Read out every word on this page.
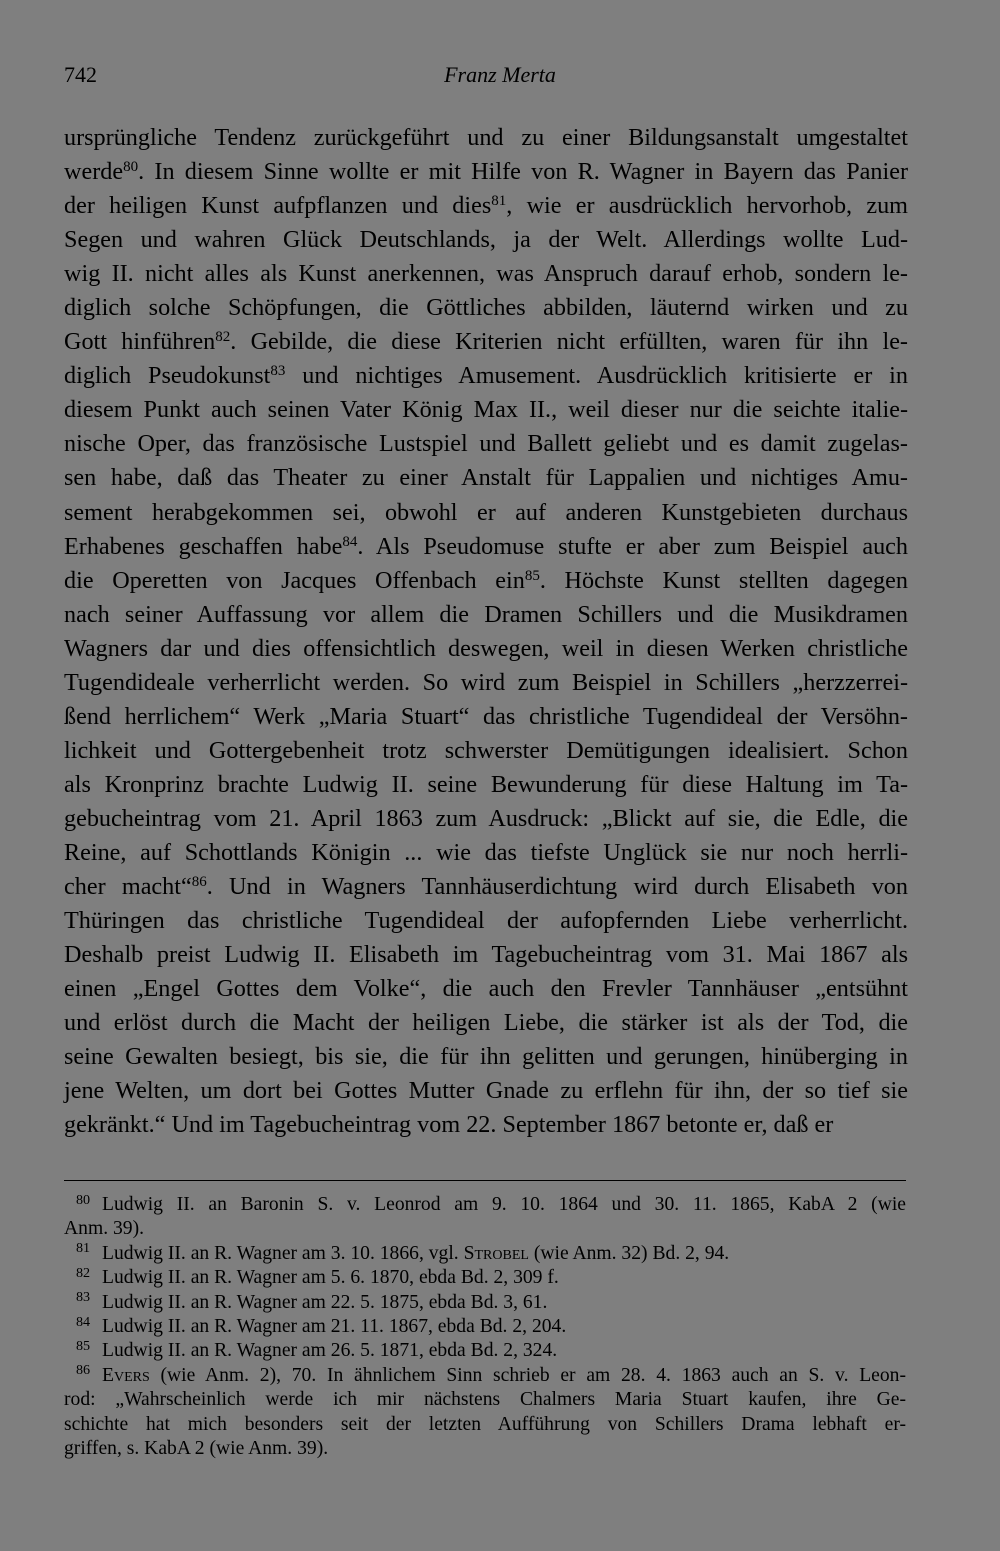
742	Franz Merta
ursprüngliche Tendenz zurückgeführt und zu einer Bildungsanstalt umgestaltet
werde$^{80}$. In diesem Sinne wollte er mit Hilfe von R. Wagner in Bayern das Panier
der heiligen Kunst aufpflanzen und dies$^{81}$, wie er ausdrücklich hervorhob, zum
Segen und wahren Glück Deutschlands, ja der Welt. Allerdings wollte Lud-
wig II. nicht alles als Kunst anerkennen, was Anspruch darauf erhob, sondern le-
diglich solche Schöpfungen, die Göttliches abbilden, läuternd wirken und zu
Gott hinführen$^{82}$. Gebilde, die diese Kriterien nicht erfüllten, waren für ihn le-
diglich Pseudokunst$^{83}$ und nichtiges Amusement. Ausdrücklich kritisierte er in
diesem Punkt auch seinen Vater König Max II., weil dieser nur die seichte italie-
nische Oper, das französische Lustspiel und Ballett geliebt und es damit zugelas-
sen habe, daß das Theater zu einer Anstalt für Lappalien und nichtiges Amu-
sement herabgekommen sei, obwohl er auf anderen Kunstgebieten durchaus
Erhabenes geschaffen habe$^{84}$. Als Pseudomuse stufte er aber zum Beispiel auch
die Operetten von Jacques Offenbach ein$^{85}$. Höchste Kunst stellten dagegen
nach seiner Auffassung vor allem die Dramen Schillers und die Musikdramen
Wagners dar und dies offensichtlich deswegen, weil in diesen Werken christliche
Tugendideale verherrlicht werden. So wird zum Beispiel in Schillers „herzzerrei-
ßend herrlichem“ Werk „Maria Stuart“ das christliche Tugendideal der Versöhn-
lichkeit und Gottergebenheit trotz schwerster Demütigungen idealisiert. Schon
als Kronprinz brachte Ludwig II. seine Bewunderung für diese Haltung im Ta-
gebucheintrag vom 21. April 1863 zum Ausdruck: „Blickt auf sie, die Edle, die
Reine, auf Schottlands Königin ... wie das tiefste Unglück sie nur noch herrli-
cher macht“$^{86}$. Und in Wagners Tannhäuserdichtung wird durch Elisabeth von
Thüringen das christliche Tugendideal der aufopfernden Liebe verherrlicht.
Deshalb preist Ludwig II. Elisabeth im Tagebucheintrag vom 31. Mai 1867 als
einen „Engel Gottes dem Volke“, die auch den Frevler Tannhäuser „entsühnt
und erlöst durch die Macht der heiligen Liebe, die stärker ist als der Tod, die
seine Gewalten besiegt, bis sie, die für ihn gelitten und gerungen, hinüberging in
jene Welten, um dort bei Gottes Mutter Gnade zu erflehn für ihn, der so tief sie
gekränkt.“ Und im Tagebucheintrag vom 22. September 1867 betonte er, daß er
80 Ludwig II. an Baronin S. v. Leonrod am 9. 10. 1864 und 30. 11. 1865, KabA 2 (wie
Anm. 39).
81 Ludwig II. an R. Wagner am 3. 10. 1866, vgl. Strobel (wie Anm. 32) Bd. 2, 94.
82 Ludwig II. an R. Wagner am 5. 6. 1870, ebda Bd. 2, 309 f.
83 Ludwig II. an R. Wagner am 22. 5. 1875, ebda Bd. 3, 61.
84 Ludwig II. an R. Wagner am 21. 11. 1867, ebda Bd. 2, 204.
85 Ludwig II. an R. Wagner am 26. 5. 1871, ebda Bd. 2, 324.
86 Evers (wie Anm. 2), 70. In ähnlichem Sinn schrieb er am 28. 4. 1863 auch an S. v. Leon-
rod: „Wahrscheinlich werde ich mir nächstens Chalmers Maria Stuart kaufen, ihre Ge-
schichte hat mich besonders seit der letzten Aufführung von Schillers Drama lebhaft er-
griffen, s. KabA 2 (wie Anm. 39).
